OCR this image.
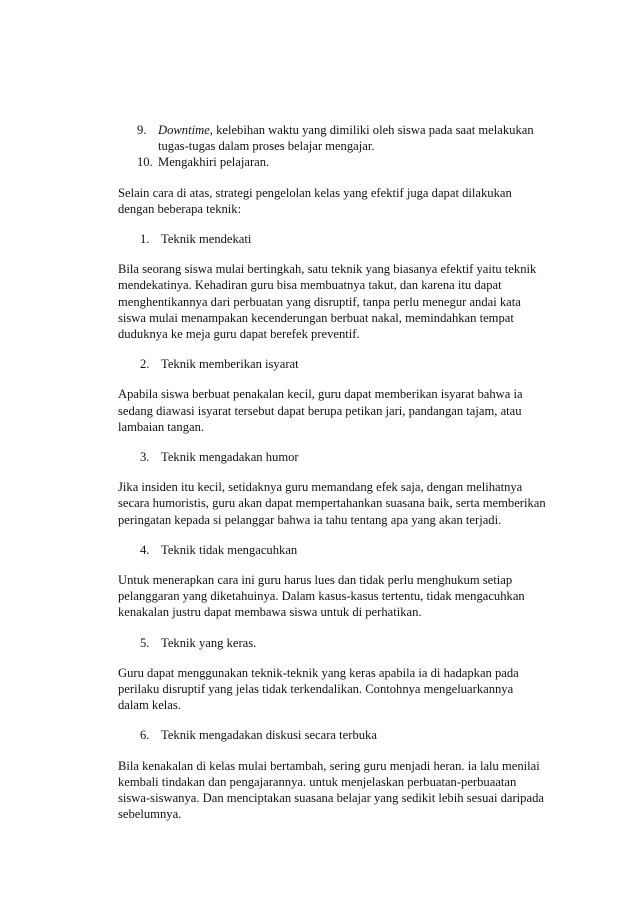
9. Downtime, kelebihan waktu yang dimiliki oleh siswa pada saat melakukan tugas-tugas dalam proses belajar mengajar.
10. Mengakhiri pelajaran.

Selain cara di atas, strategi pengelolan kelas yang efektif juga dapat dilakukan dengan beberapa teknik:

1. Teknik mendekati

Bila seorang siswa mulai bertingkah, satu teknik yang biasanya efektif yaitu teknik mendekatinya. Kehadiran guru bisa membuatnya takut, dan karena itu dapat menghentikannya dari perbuatan yang disruptif, tanpa perlu menegur andai kata siswa mulai menampakan kecenderungan berbuat nakal, memindahkan tempat duduknya ke meja guru dapat berefek preventif.

2. Teknik memberikan isyarat

Apabila siswa berbuat penakalan kecil, guru dapat memberikan isyarat bahwa ia sedang diawasi isyarat tersebut dapat berupa petikan jari, pandangan tajam, atau lambaian tangan.

3. Teknik mengadakan humor

Jika insiden itu kecil, setidaknya guru memandang efek saja, dengan melihatnya secara humoristis, guru akan dapat mempertahankan suasana baik, serta memberikan peringatan kepada si pelanggar bahwa ia tahu tentang apa yang akan terjadi.

4. Teknik tidak mengacuhkan

Untuk menerapkan cara ini guru harus lues dan tidak perlu menghukum setiap pelanggaran yang diketahuinya. Dalam kasus-kasus tertentu, tidak mengacuhkan kenakalan justru dapat membawa siswa untuk di perhatikan.

5. Teknik yang keras.

Guru dapat menggunakan teknik-teknik yang keras apabila ia di hadapkan pada perilaku disruptif yang jelas tidak terkendalikan. Contohnya mengeluarkannya dalam kelas.

6. Teknik mengadakan diskusi secara terbuka

Bila kenakalan di kelas mulai bertambah, sering guru menjadi heran. ia lalu menilai kembali tindakan dan pengajarannya. untuk menjelaskan perbuatan-perbuaatan siswa-siswanya. Dan menciptakan suasana belajar yang sedikit lebih sesuai daripada sebelumnya.
